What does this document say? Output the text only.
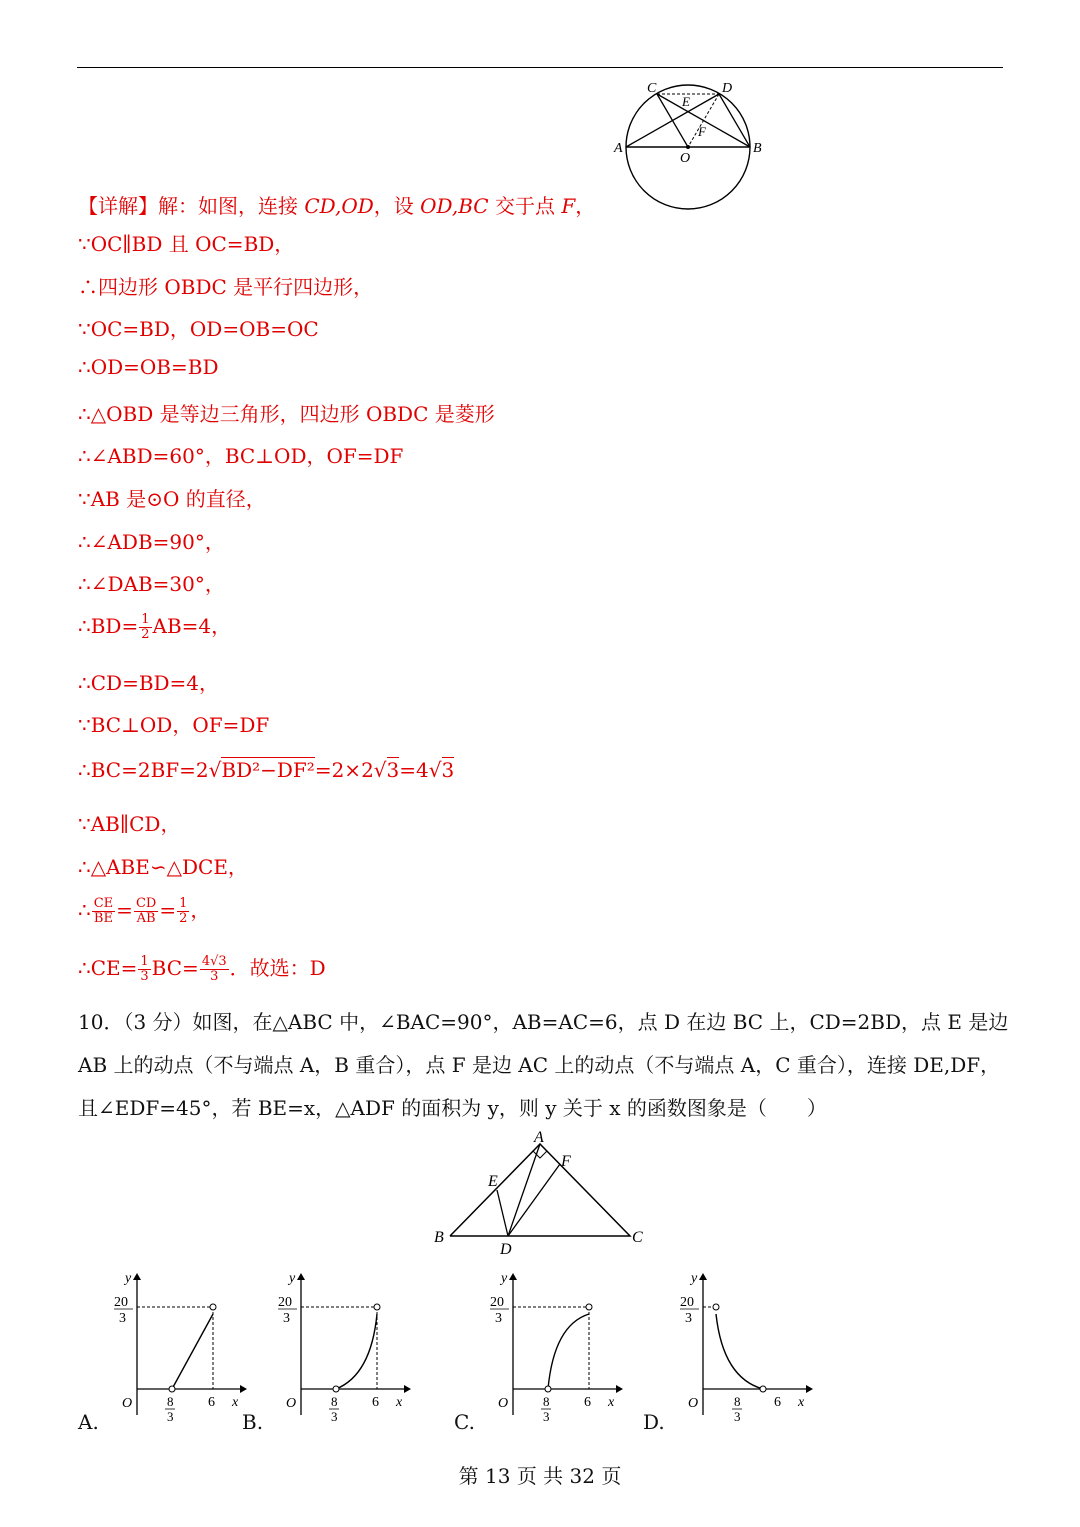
C	D
E
F
A
O
B
【详解】解：如图，连接 CD,OD，设 OD,BC 交于点 F，
∵OC∥BD 且 OC=BD，
∴四边形 OBDC 是平行四边形，
∵OC=BD，OD=OB=OC
∴OD=OB=BD
∴△OBD 是等边三角形，四边形 OBDC 是菱形
∴∠ABD=60°，BC⊥OD，OF=DF
∵AB 是⊙O 的直径，
∴∠ADB=90°，
∴∠DAB=30°，
∴BD= $\frac{1}{2} AB=4$，
∴CD=BD=4，
∵BC⊥OD，OF=DF
∴BC=2BF=2√BD²−DF²=2×2√3=4√3
∵AB∥CD，
∴△ABE∽△DCE，
∴ $\frac{CE}{BE} = \frac{CD}{AB} = \frac{1}{2}$ ，
∴CE= $\frac{1}{3} BC= \frac{4√3}{3}$ ．故选：D
10．（3 分）如图，在△ABC 中，∠BAC=90°，AB=AC=6，点 D 在边 BC 上，CD=2BD，点 E 是边
AB 上的动点（不与端点 A，B 重合），点 F 是边 AC 上的动点（不与端点 A，C 重合），连接 DE,DF，
且∠EDF=45°，若 BE=x，△ADF 的面积为 y，则 y 关于 x 的函数图象是（　　）
A
E
F
B
D
C
y
20
3
O	8
3
6 x
y
20
3
O	8
3
6 x
y
20
3
O	8
3
6 x
y
20
3
O	8
3
6 x
A.	B.	C.	D.
第 13 页 共 32 页
